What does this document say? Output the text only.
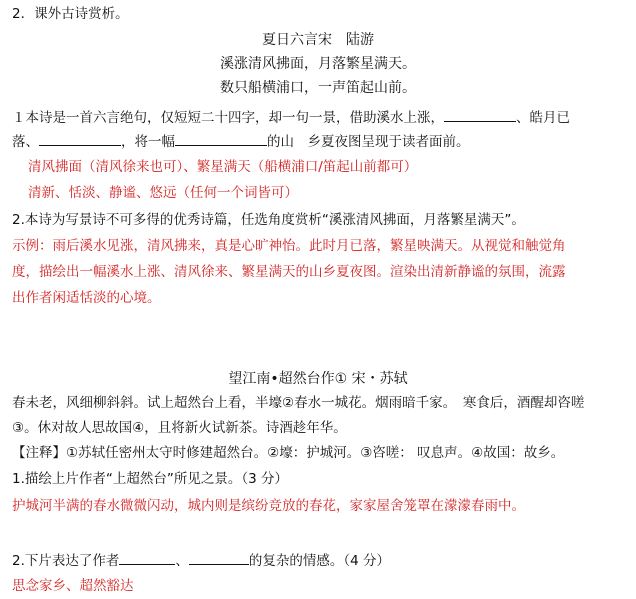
2．课外古诗赏析。
夏日六言宋　陆游
溪涨清风拂面，月落繁星满天。
数只船横浦口，一声笛起山前。
１本诗是一首六言绝句，仅短短二十四字，却一句一景，借助溪水上涨，	、皓月已
落、	，将一幅	的山　乡夏夜图呈现于读者面前。
清风拂面（清风徐来也可）、繁星满天（船横浦口/笛起山前都可）
清新、恬淡、静谧、悠远（任何一个词皆可）
2.本诗为写景诗不可多得的优秀诗篇，任选角度赏析“溪涨清风拂面，月落繁星满天”。
示例：雨后溪水见涨，清风拂来，真是心旷神怡。此时月已落，繁星映满天。从视觉和触觉角
度，描绘出一幅溪水上涨、清风徐来、繁星满天的山乡夏夜图。渲染出清新静谧的氛围，流露
出作者闲适恬淡的心境。
望江南•超然台作① 宋・苏轼
春未老，风细柳斜斜。试上超然台上看，半壕②春水一城花。烟雨暗千家。　寒食后，酒醒却咨嗟
③。休对故人思故国④，且将新火试新茶。诗酒趁年华。
【注释】①苏轼任密州太守时修建超然台。②壕：护城河。③咨嗟： 叹息声。④故国：故乡。
1.描绘上片作者“上超然台”所见之景。（3 分）
护城河半满的春水微微闪动，城内则是缤纷竞放的春花，家家屋舍笼罩在濛濛春雨中。
2.下片表达了作者	、	的复杂的情感。（4 分）
思念家乡、超然豁达
